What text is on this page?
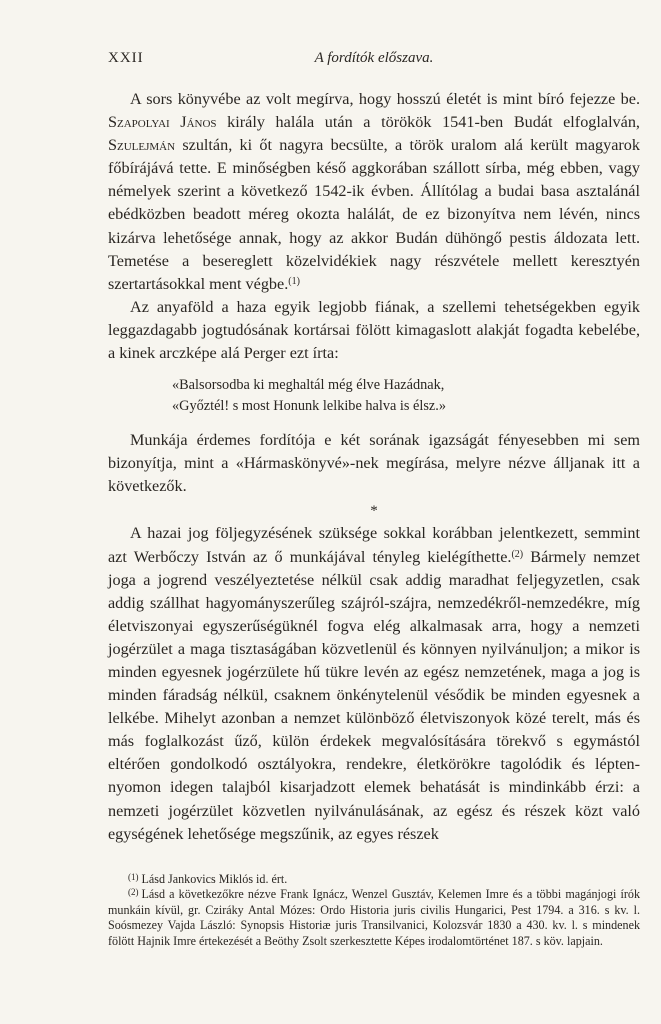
XXII	A fordítók előszava.

A sors könyvébe az volt megírva, hogy hosszú életét is mint bíró fejezze be. Szapolyai János király halála után a törökök 1541-ben Budát elfoglalván, Szulejmán szultán, ki őt nagyra becsülte, a török uralom alá került magyarok főbírájává tette. E minőségben késő aggkorában szállott sírba, még ebben, vagy némelyek szerint a következő 1542-ik évben. Állítólag a budai basa asztalánál ebédközben beadott méreg okozta halálát, de ez bizonyítva nem lévén, nincs kizárva lehetősége annak, hogy az akkor Budán dühöngő pestis áldozata lett. Temetése a besereglett közelvidékiek nagy részvétele mellett keresztyén szertartásokkal ment végbe.$^{(1)}$

Az anyaföld a haza egyik legjobb fiának, a szellemi tehetségekben egyik leggazdagabb jogtudósának kortársai fölött kimagaslott alakját fogadta kebelébe, a kinek arczképe alá Perger ezt írta:

«Balsorsodba ki meghaltál még élve Hazádnak,
«Győztél! s most Honunk lelkibe halva is élsz.»

Munkája érdemes fordítója e két sorának igazságát fényesebben mi sem bizonyítja, mint a «Hármaskönyvé»-nek megírása, melyre nézve álljanak itt a következők.

*

A hazai jog följegyzésének szüksége sokkal korábban jelentkezett, semmint azt Werbőczy István az ő munkájával tényleg kielégíthette.$^{(2)}$ Bármely nemzet joga a jogrend veszélyeztetése nélkül csak addig maradhat feljegyzetlen, csak addig szállhat hagyományszerűleg szájról-szájra, nemzedékről-nemzedékre, míg életviszonyai egyszerűségüknél fogva elég alkalmasak arra, hogy a nemzeti jogérzület a maga tisztaságában közvetlenül és könnyen nyilvánuljon; a mikor is minden egyesnek jogérzülete hű tükre levén az egész nemzetének, maga a jog is minden fáradság nélkül, csaknem önkénytelenül vésődik be minden egyesnek a lelkébe. Mihelyt azonban a nemzet különböző életviszonyok közé terelt, más és más foglalkozást űző, külön érdekek megvalósítására törekvő s egymástól eltérően gondolkodó osztályokra, rendekre, életkörökre tagolódik és lépten-nyomon idegen talajból kisarjadzott elemek behatását is mindinkább érzi: a nemzeti jogérzület közvetlen nyilvánulásának, az egész és részek közt való egységének lehetősége megszűnik, az egyes részek

$^{(1)}$ Lásd Jankovics Miklós id. ért.

$^{(2)}$ Lásd a következőkre nézve Frank Ignácz, Wenzel Gusztáv, Kelemen Imre és a többi magánjogi írók munkáin kívül, gr. Cziráky Antal Mózes: Ordo Historia juris civilis Hungarici, Pest 1794. a 316. s kv. l. Soósmezey Vajda László: Synopsis Historiæ juris Transilvanici, Kolozsvár 1830 a 430. kv. l. s mindenek fölött Hajnik Imre értekezését a Beöthy Zsolt szerkesztette Képes irodalomtörténet 187. s köv. lapjain.
